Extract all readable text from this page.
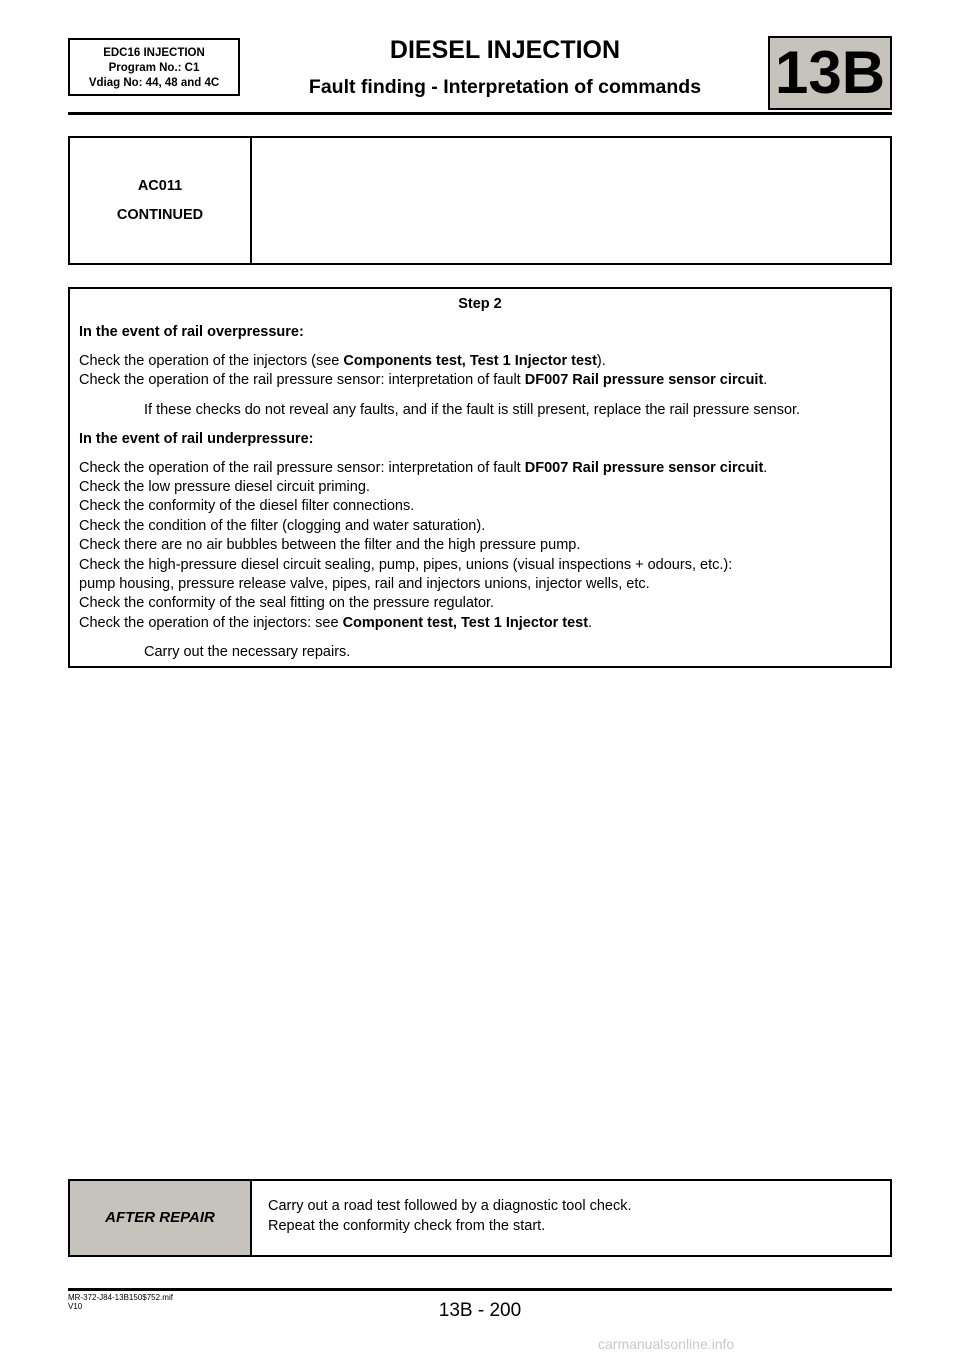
EDC16 INJECTION
Program No.: C1
Vdiag No: 44, 48 and 4C
DIESEL INJECTION
Fault finding - Interpretation of commands	13B
AC011
CONTINUED
Step 2
In the event of rail overpressure:
Check the operation of the injectors (see Components test, Test 1 Injector test).
Check the operation of the rail pressure sensor: interpretation of fault DF007 Rail pressure sensor circuit.
If these checks do not reveal any faults, and if the fault is still present, replace the rail pressure sensor.
In the event of rail underpressure:
Check the operation of the rail pressure sensor: interpretation of fault DF007 Rail pressure sensor circuit.
Check the low pressure diesel circuit priming.
Check the conformity of the diesel filter connections.
Check the condition of the filter (clogging and water saturation).
Check there are no air bubbles between the filter and the high pressure pump.
Check the high-pressure diesel circuit sealing, pump, pipes, unions (visual inspections + odours, etc.):
pump housing, pressure release valve, pipes, rail and injectors unions, injector wells, etc.
Check the conformity of the seal fitting on the pressure regulator.
Check the operation of the injectors: see Component test, Test 1 Injector test.
Carry out the necessary repairs.
AFTER REPAIR
Carry out a road test followed by a diagnostic tool check.
Repeat the conformity check from the start.
MR-372-J84-13B150$752.mif
V10	13B - 200
carmanualsonline.info
